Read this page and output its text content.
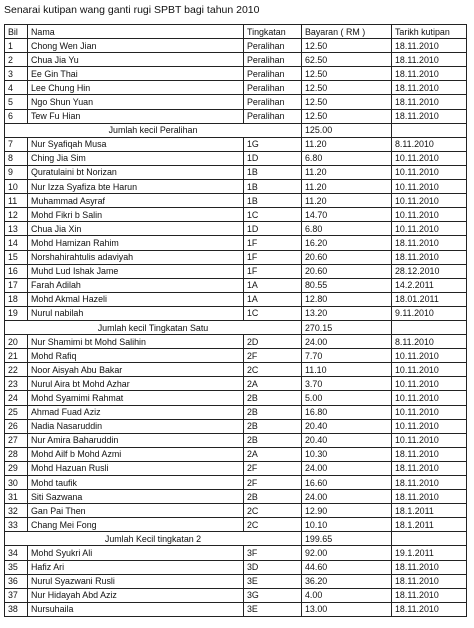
Senarai kutipan wang ganti rugi SPBT bagi tahun 2010
Bil	Nama	Tingkatan	Bayaran ( RM )	Tarikh kutipan
1	Chong Wen Jian	Peralihan	12.50	18.11.2010
2	Chua Jia Yu	Peralihan	62.50	18.11.2010
3	Ee Gin Thai	Peralihan	12.50	18.11.2010
4	Lee Chung Hin	Peralihan	12.50	18.11.2010
5	Ngo Shun Yuan	Peralihan	12.50	18.11.2010
6	Tew Fu Hian	Peralihan	12.50	18.11.2010
Jumlah kecil Peralihan			125.00	
7	Nur Syafiqah Musa	1G	11.20	8.11.2010
8	Ching Jia Sim	1D	6.80	10.11.2010
9	Quratulaini bt Norizan	1B	11.20	10.11.2010
10	Nur Izza Syafiza bte Harun	1B	11.20	10.11.2010
11	Muhammad Asyraf	1B	11.20	10.11.2010
12	Mohd Fikri b Salin	1C	14.70	10.11.2010
13	Chua Jia Xin	1D	6.80	10.11.2010
14	Mohd Hamizan Rahim	1F	16.20	18.11.2010
15	Norshahirahtulis adaviyah	1F	20.60	18.11.2010
16	Muhd Lud Ishak Jame	1F	20.60	28.12.2010
17	Farah Adilah	1A	80.55	14.2.2011
18	Mohd Akmal Hazeli	1A	12.80	18.01.2011
19	Nurul nabilah	1C	13.20	9.11.2010
Jumlah kecil Tingkatan Satu			270.15	
20	Nur Shamimi bt Mohd Salihin	2D	24.00	8.11.2010
21	Mohd Rafiq	2F	7.70	10.11.2010
22	Noor Aisyah Abu Bakar	2C	11.10	10.11.2010
23	Nurul Aira bt Mohd Azhar	2A	3.70	10.11.2010
24	Mohd Syamimi Rahmat	2B	5.00	10.11.2010
25	Ahmad Fuad Aziz	2B	16.80	10.11.2010
26	Nadia Nasaruddin	2B	20.40	10.11.2010
27	Nur Amira Baharuddin	2B	20.40	10.11.2010
28	Mohd Ailf b Mohd Azmi	2A	10.30	18.11.2010
29	Mohd Hazuan Rusli	2F	24.00	18.11.2010
30	Mohd taufik	2F	16.60	18.11.2010
31	Siti Sazwana	2B	24.00	18.11.2010
32	Gan Pai Then	2C	12.90	18.1.2011
33	Chang Mei Fong	2C	10.10	18.1.2011
Jumlah Kecil tingkatan 2			199.65	
34	Mohd Syukri Ali	3F	92.00	19.1.2011
35	Hafiz Ari	3D	44.60	18.11.2010
36	Nurul Syazwani Rusli	3E	36.20	18.11.2010
37	Nur Hidayah Abd Aziz	3G	4.00	18.11.2010
38	Nursuhaila	3E	13.00	18.11.2010
